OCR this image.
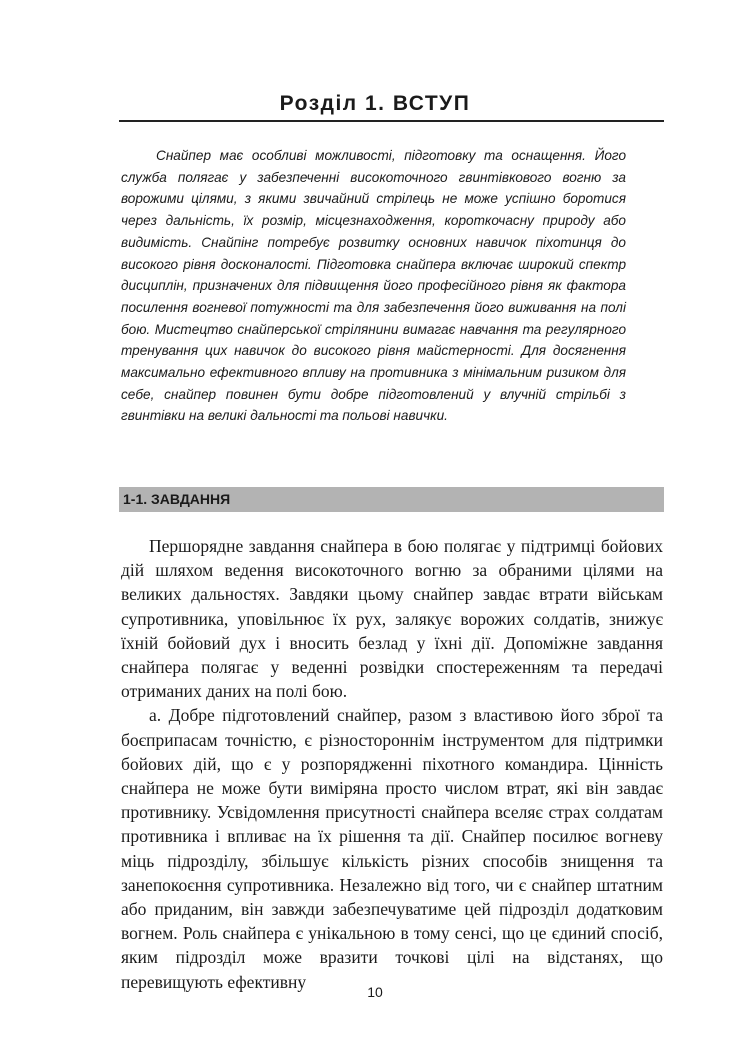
Розділ 1. ВСТУП

Снайпер має особливі можливості, підготовку та оснащення. Його служба полягає у забезпеченні високоточного гвинтівкового вогню за ворожими цілями, з якими звичайний стрілець не може успішно боротися через дальність, їх розмір, місцезнаходження, короткочасну природу або видимість. Снайпінг потребує розвитку основних навичок піхотинця до високого рівня досконалості. Підготовка снайпера включає широкий спектр дисциплін, призначених для підвищення його професійного рівня як фактора посилення вогневої потужності та для забезпечення його виживання на полі бою. Мистецтво снайперської стрілянини вимагає навчання та регулярного тренування цих навичок до високого рівня майстерності. Для досягнення максимально ефективного впливу на противника з мінімальним ризиком для себе, снайпер повинен бути добре підготовлений у влучній стрільбі з гвинтівки на великі дальності та польові навички.

1-1. ЗАВДАННЯ

Першорядне завдання снайпера в бою полягає у підтримці бойових дій шляхом ведення високоточного вогню за обраними цілями на великих дальностях. Завдяки цьому снайпер завдає втрати військам супротивника, уповільнює їх рух, залякує ворожих солдатів, знижує їхній бойовий дух і вносить безлад у їхні дії. Допоміжне завдання снайпера полягає у веденні розвідки спостереженням та передачі отриманих даних на полі бою.

а. Добре підготовлений снайпер, разом з властивою його зброї та боєприпасам точністю, є різностороннім інструментом для підтримки бойових дій, що є у розпорядженні піхотного командира. Цінність снайпера не може бути виміряна просто числом втрат, які він завдає противнику. Усвідомлення присутності снайпера вселяє страх солдатам противника і впливає на їх рішення та дії. Снайпер посилює вогневу міць підрозділу, збільшує кількість різних способів знищення та занепокоєння супротивника. Незалежно від того, чи є снайпер штатним або приданим, він завжди забезпечуватиме цей підрозділ додатковим вогнем. Роль снайпера є унікальною в тому сенсі, що це єдиний спосіб, яким підрозділ може вразити точкові цілі на відстанях, що перевищують ефективну

10
